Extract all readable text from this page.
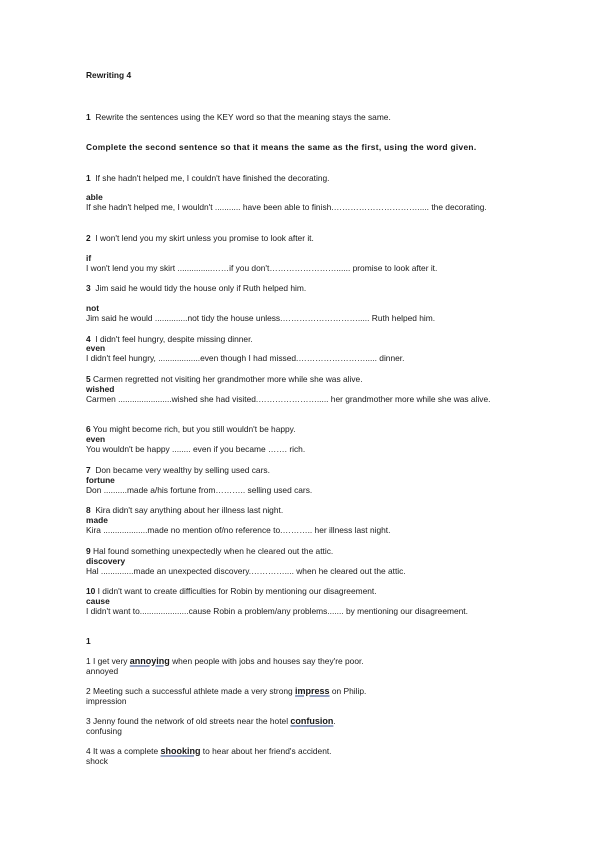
Rewriting 4
1 Rewrite the sentences using the KEY word so that the meaning stays the same.
Complete the second sentence so that it means the same as the first, using the word given.
1 If she hadn't helped me, I couldn't have finished the decorating.
able
If she hadn't helped me, I wouldn't ........... have been able to finish.…………………………..... the decorating.
2 I won't lend you my skirt unless you promise to look after it.
if
I won't lend you my skirt ...............……if you don't……………………...... promise to look after it.
3 Jim said he would tidy the house only if Ruth helped him.
not
Jim said he would ..............not tidy the house unless.………………………..... Ruth helped him.
4 I didn't feel hungry, despite missing dinner.
even
I didn't feel hungry, ..................even though I had missed.……………………..... dinner.
5 Carmen regretted not visiting her grandmother more while she was alive.
wished
Carmen .......................wished she had visited.…………………..... her grandmother more while she was alive.
6 You might become rich, but you still wouldn't be happy.
even
You wouldn't be happy ........ even if you became ……. rich.
7 Don became very wealthy by selling used cars.
fortune
Don ..........made a/his fortune from……….. selling used cars.
8 Kira didn't say anything about her illness last night.
made
Kira ...................made no mention of/no reference to.……….. her illness last night.
9 Hal found something unexpectedly when he cleared out the attic.
discovery
Hal ..............made an unexpected discovery.………….... when he cleared out the attic.
10 I didn't want to create difficulties for Robin by mentioning our disagreement.
cause
I didn't want to.....................cause Robin a problem/any problems....... by mentioning our disagreement.
1
1 I get very annoying when people with jobs and houses say they're poor.
annoyed
2 Meeting such a successful athlete made a very strong impress on Philip.
impression
3 Jenny found the network of old streets near the hotel confusion.
confusing
4 It was a complete shooking to hear about her friend's accident.
shock
